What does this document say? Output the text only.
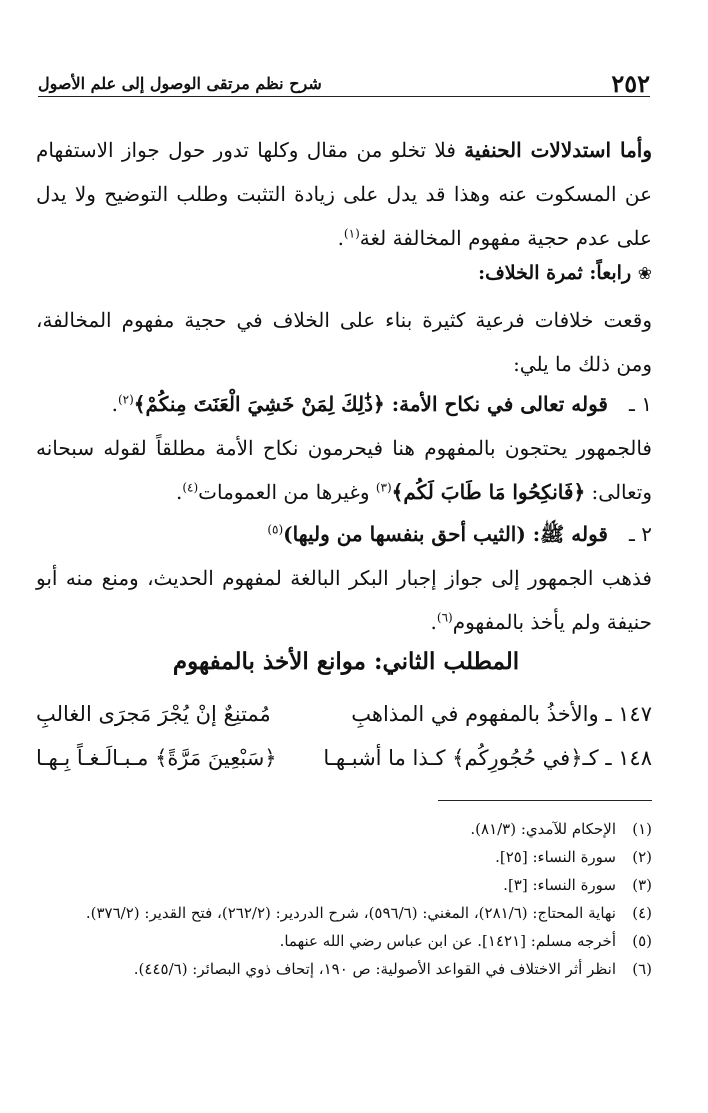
٢٥٢
شرح نظم مرتقى الوصول إلى علم الأصول
وأما استدلالات الحنفية فلا تخلو من مقال وكلها تدور حول جواز الاستفهام عن المسكوت عنه وهذا قد يدل على زيادة التثبت وطلب التوضيح ولا يدل على عدم حجية مفهوم المخالفة لغة$^{(١)}$.
❀ رابعاً: ثمرة الخلاف:
وقعت خلافات فرعية كثيرة بناء على الخلاف في حجية مفهوم المخالفة، ومن ذلك ما يلي:
١ ـ
قوله تعالى في نكاح الأمة: ﴿ذَٰلِكَ لِمَنْ خَشِيَ الْعَنَتَ مِنكُمْ﴾$^{(٢)}$.
فالجمهور يحتجون بالمفهوم هنا فيحرمون نكاح الأمة مطلقاً لقوله سبحانه وتعالى: ﴿فَانكِحُوا مَا طَابَ لَكُم﴾$^{(٣)}$ وغيرها من العمومات$^{(٤)}$.
٢ ـ
قوله ﷺ: (الثيب أحق بنفسها من وليها)$^{(٥)}$
فذهب الجمهور إلى جواز إجبار البكر البالغة لمفهوم الحديث، ومنع منه أبو حنيفة ولم يأخذ بالمفهوم$^{(٦)}$.
المطلب الثاني: موانع الأخذ بالمفهوم
١٤٧ ـ والأخذُ بالمفهوم في المذاهبِ
مُمتنِعٌ إنْ يُجْرَ مَجرَى الغالبِ
١٤٨ ـ كـ﴿في حُجُورِكُم﴾ كـذا ما أشبـهـا
﴿سَبْعِينَ مَرَّةً﴾ مـبـالَـغـاً بِـهـا
(١)
الإحكام للآمدي: (٨١/٣).
(٢)
سورة النساء: [٢٥].
(٣)
سورة النساء: [٣].
(٤)
نهاية المحتاج: (٢٨١/٦)، المغني: (٥٩٦/٦)، شرح الدردير: (٢٦٢/٢)، فتح القدير: (٣٧٦/٢).
(٥)
أخرجه مسلم: [١٤٢١]. عن ابن عباس رضي الله عنهما.
(٦)
انظر أثر الاختلاف في القواعد الأصولية: ص ١٩٠، إتحاف ذوي البصائر: (٤٤٥/٦).
